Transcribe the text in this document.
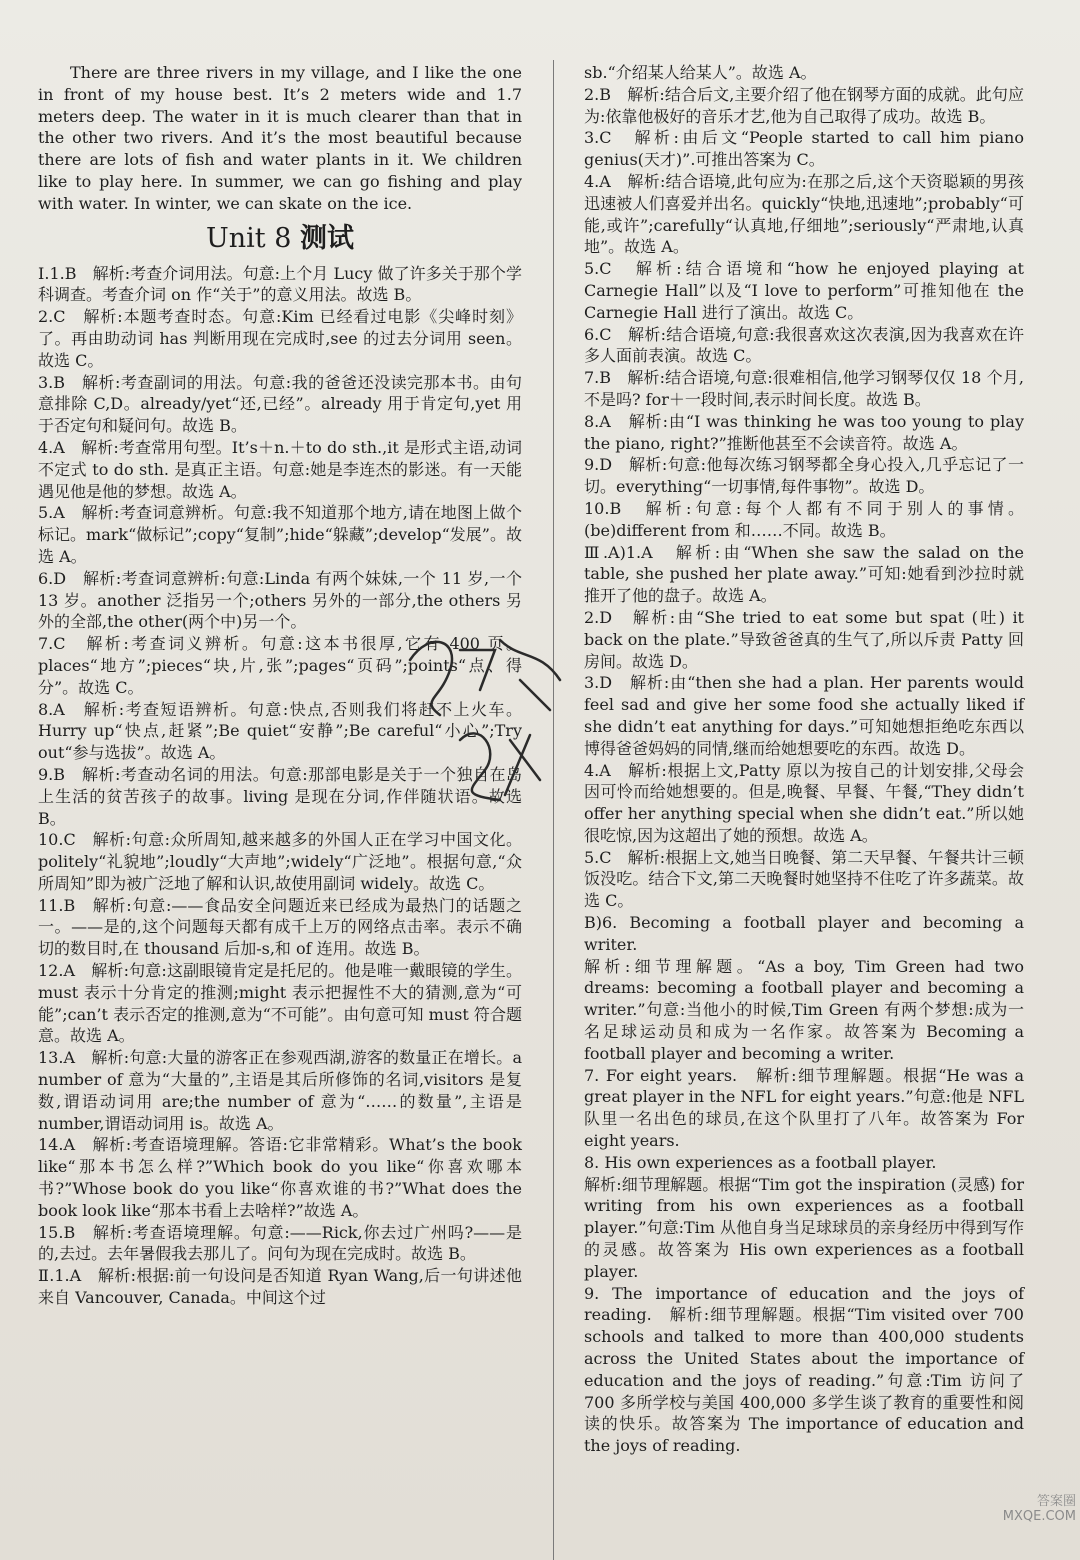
There are three rivers in my village, and I like the one in front of my house best. It’s 2 meters wide and 1.7 meters deep. The water in it is much clearer than that in the other two rivers. And it’s the most beautiful because there are lots of fish and water plants in it. We children like to play here. In summer, we can go fishing and play with water. In winter, we can skate on the ice.

Unit 8 测试

Ⅰ.1.B　解析:考查介词用法。句意:上个月 Lucy 做了许多关于那个学科调查。考查介词 on 作“关于”的意义用法。故选 B。

2.C　解析:本题考查时态。句意:Kim 已经看过电影《尖峰时刻》了。再由助动词 has 判断用现在完成时,see 的过去分词用 seen。故选 C。

3.B　解析:考查副词的用法。句意:我的爸爸还没读完那本书。由句意排除 C,D。already/yet“还,已经”。already 用于肯定句,yet 用于否定句和疑问句。故选 B。

4.A　解析:考查常用句型。It’s＋n.＋to do sth.,it 是形式主语,动词不定式 to do sth. 是真正主语。句意:她是李连杰的影迷。有一天能遇见他是他的梦想。故选 A。

5.A　解析:考查词意辨析。句意:我不知道那个地方,请在地图上做个标记。mark“做标记”;copy“复制”;hide“躲藏”;develop“发展”。故选 A。

6.D　解析:考查词意辨析:句意:Linda 有两个妹妹,一个 11 岁,一个 13 岁。another 泛指另一个;others 另外的一部分,the others 另外的全部,the other(两个中)另一个。

7.C　解析:考查词义辨析。句意:这本书很厚,它有 400 页。places“地方”;pieces“块,片,张”;pages“页码”;points“点、得分”。故选 C。

8.A　解析:考查短语辨析。句意:快点,否则我们将赶不上火车。Hurry up“快点,赶紧”;Be quiet“安静”;Be careful“小心”;Try out“参与选拔”。故选 A。

9.B　解析:考查动名词的用法。句意:那部电影是关于一个独自在岛上生活的贫苦孩子的故事。living 是现在分词,作伴随状语。故选 B。

10.C　解析:句意:众所周知,越来越多的外国人正在学习中国文化。politely“礼貌地”;loudly“大声地”;widely“广泛地”。根据句意,“众所周知”即为被广泛地了解和认识,故使用副词 widely。故选 C。

11.B　解析:句意:——食品安全问题近来已经成为最热门的话题之一。——是的,这个问题每天都有成千上万的网络点击率。表示不确切的数目时,在 thousand 后加-s,和 of 连用。故选 B。

12.A　解析:句意:这副眼镜肯定是托尼的。他是唯一戴眼镜的学生。must 表示十分肯定的推测;might 表示把握性不大的猜测,意为“可能”;can’t 表示否定的推测,意为“不可能”。由句意可知 must 符合题意。故选 A。

13.A　解析:句意:大量的游客正在参观西湖,游客的数量正在增长。a number of 意为“大量的”,主语是其后所修饰的名词,visitors 是复数,谓语动词用 are;the number of 意为“……的数量”,主语是 number,谓语动词用 is。故选 A。

14.A　解析:考查语境理解。答语:它非常精彩。What’s the book like“那本书怎么样?”Which book do you like“你喜欢哪本书?”Whose book do you like“你喜欢谁的书?”What does the book look like“那本书看上去啥样?”故选 A。

15.B　解析:考查语境理解。句意:——Rick,你去过广州吗?——是的,去过。去年暑假我去那儿了。问句为现在完成时。故选 B。

Ⅱ.1.A　解析:根据:前一句设问是否知道 Ryan Wang,后一句讲述他来自 Vancouver, Canada。中间这个过

sb.“介绍某人给某人”。故选 A。

2.B　解析:结合后文,主要介绍了他在钢琴方面的成就。此句应为:依靠他极好的音乐才艺,他为自己取得了成功。故选 B。

3.C　解析:由后文“People started to call him piano genius(天才)”.可推出答案为 C。

4.A　解析:结合语境,此句应为:在那之后,这个天资聪颖的男孩迅速被人们喜爱并出名。quickly“快地,迅速地”;probably“可能,或许”;carefully“认真地,仔细地”;seriously“严肃地,认真地”。故选 A。

5.C　解析:结合语境和“how he enjoyed playing at Carnegie Hall”以及“I love to perform”可推知他在 the Carnegie Hall 进行了演出。故选 C。

6.C　解析:结合语境,句意:我很喜欢这次表演,因为我喜欢在许多人面前表演。故选 C。

7.B　解析:结合语境,句意:很难相信,他学习钢琴仅仅 18 个月,不是吗? for＋一段时间,表示时间长度。故选 B。

8.A　解析:由“I was thinking he was too young to play the piano, right?”推断他甚至不会读音符。故选 A。

9.D　解析:句意:他每次练习钢琴都全身心投入,几乎忘记了一切。everything“一切事情,每件事物”。故选 D。

10.B　解析:句意:每个人都有不同于别人的事情。(be)different from 和……不同。故选 B。

Ⅲ.A)1.A　解析:由“When she saw the salad on the table, she pushed her plate away.”可知:她看到沙拉时就推开了他的盘子。故选 A。

2.D　解析:由“She tried to eat some but spat (吐) it back on the plate.”导致爸爸真的生气了,所以斥责 Patty 回房间。故选 D。

3.D　解析:由“then she had a plan. Her parents would feel sad and give her some food she actually liked if she didn’t eat anything for days.”可知她想拒绝吃东西以博得爸爸妈妈的同情,继而给她想要吃的东西。故选 D。

4.A　解析:根据上文,Patty 原以为按自己的计划安排,父母会因可怜而给她想要的。但是,晚餐、早餐、午餐,“They didn’t offer her anything special when she didn’t eat.”所以她很吃惊,因为这超出了她的预想。故选 A。

5.C　解析:根据上文,她当日晚餐、第二天早餐、午餐共计三顿饭没吃。结合下文,第二天晚餐时她坚持不住吃了许多蔬菜。故选 C。

B)6. Becoming a football player and becoming a writer.

解析:细节理解题。“As a boy, Tim Green had two dreams: becoming a football player and becoming a writer.”句意:当他小的时候,Tim Green 有两个梦想:成为一名足球运动员和成为一名作家。故答案为 Becoming a football player and becoming a writer.

7. For eight years.　解析:细节理解题。根据“He was a great player in the NFL for eight years.”句意:他是 NFL 队里一名出色的球员,在这个队里打了八年。故答案为 For eight years.

8. His own experiences as a football player.

解析:细节理解题。根据“Tim got the inspiration (灵感) for writing from his own experiences as a football player.”句意:Tim 从他自身当足球球员的亲身经历中得到写作的灵感。故答案为 His own experiences as a football player.

9. The importance of education and the joys of reading.　解析:细节理解题。根据“Tim visited over 700 schools and talked to more than 400,000 students across the United States about the importance of education and the joys of reading.”句意:Tim 访问了 700 多所学校与美国 400,000 多学生谈了教育的重要性和阅读的快乐。故答案为 The importance of education and the joys of reading.

答案圈 MXQE.COM
